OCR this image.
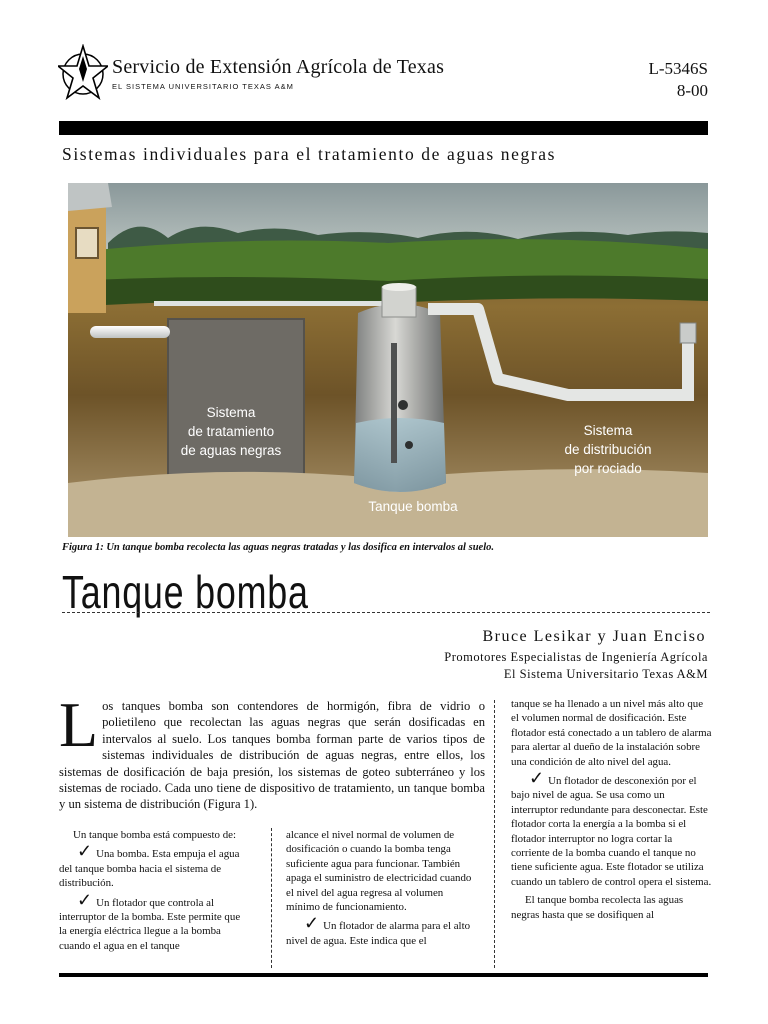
Servicio de Extensión Agrícola de Texas
EL SISTEMA UNIVERSITARIO TEXAS A&M
L-5346S
8-00
Sistemas individuales para el tratamiento de aguas negras
Sistema
de tratamiento
de aguas negras
Sistema
de distribución
por rociado
Tanque bomba
Figura 1: Un tanque bomba recolecta las aguas negras tratadas y las dosifica en intervalos al suelo.
Tanque bomba
Bruce Lesikar y Juan Enciso
Promotores Especialistas de Ingeniería Agrícola
El Sistema Universitario Texas A&M
Los tanques bomba son contendores de hormigón, fibra de vidrio o polietileno que recolectan las aguas negras que serán dosificadas en intervalos al suelo. Los tanques bomba forman parte de varios tipos de sistemas individuales de distribución de aguas negras, entre ellos, los sistemas de dosificación de baja presión, los sistemas de goteo subterráneo y los sistemas de rociado. Cada uno tiene de dispositivo de tratamiento, un tanque bomba y un sistema de distribución (Figura 1).

Un tanque bomba está compuesto de:

✓ Una bomba. Esta empuja el agua del tanque bomba hacia el sistema de distribución.

✓ Un flotador que controla al interruptor de la bomba. Este permite que la energía eléctrica llegue a la bomba cuando el agua en el tanque

alcance el nivel normal de volumen de dosificación o cuando la bomba tenga suficiente agua para funcionar. También apaga el suministro de electricidad cuando el nivel del agua regresa al volumen mínimo de funcionamiento.

✓ Un flotador de alarma para el alto nivel de agua. Este indica que el

tanque se ha llenado a un nivel más alto que el volumen normal de dosificación. Este flotador está conectado a un tablero de alarma para alertar al dueño de la instalación sobre una condición de alto nivel del agua.

✓ Un flotador de desconexión por el bajo nivel de agua. Se usa como un interruptor redundante para desconectar. Este flotador corta la energía a la bomba si el flotador interruptor no logra cortar la corriente de la bomba cuando el tanque no tiene suficiente agua. Este flotador se utiliza cuando un tablero de control opera el sistema.

El tanque bomba recolecta las aguas negras hasta que se dosifiquen al
